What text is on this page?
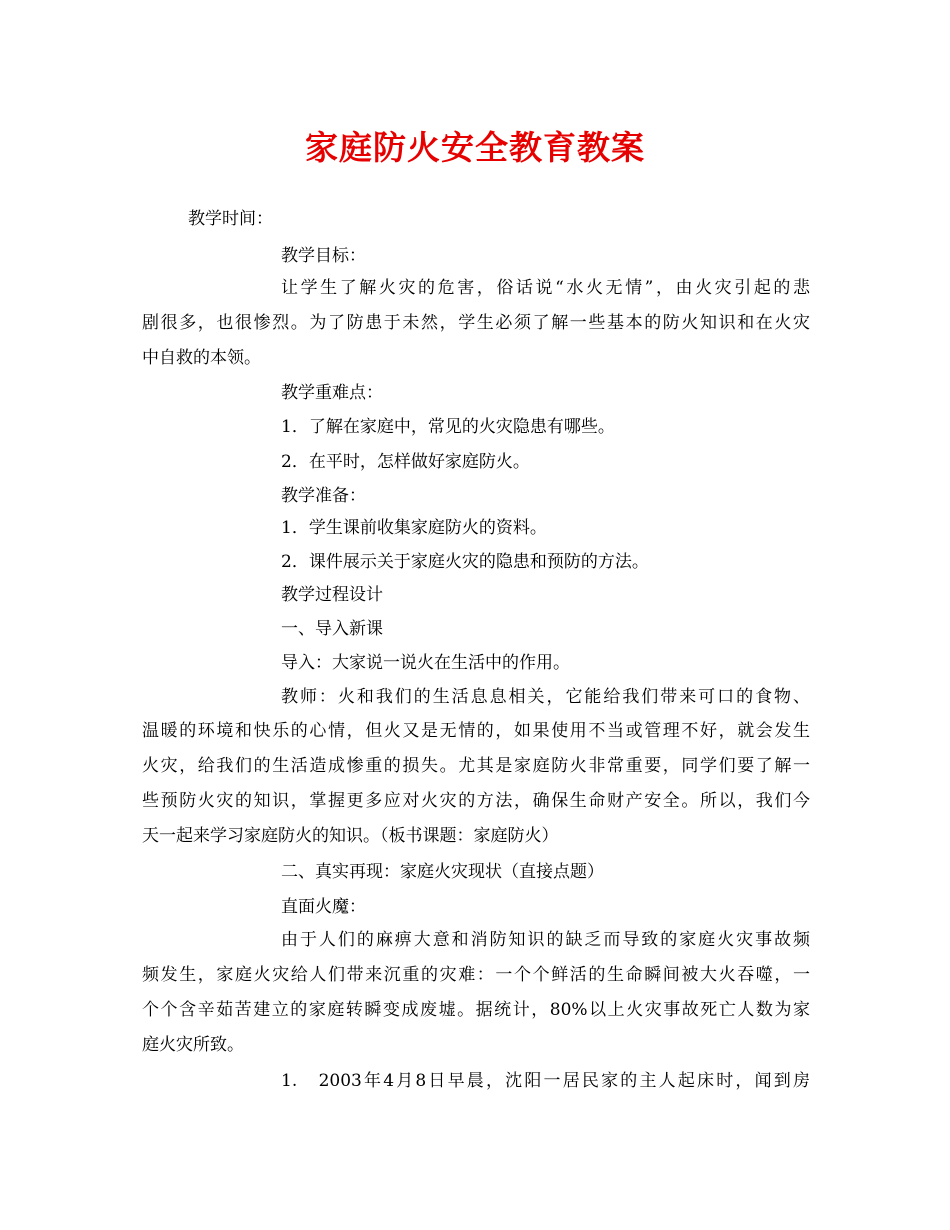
家庭防火安全教育教案
教学时间：
教学目标：
让学生了解火灾的危害，俗话说“水火无情”，由火灾引起的悲
剧很多，也很惨烈。为了防患于未然，学生必须了解一些基本的防火知识和在火灾
中自救的本领。
教学重难点：
1．了解在家庭中，常见的火灾隐患有哪些。
2．在平时，怎样做好家庭防火。
教学准备：
1．学生课前收集家庭防火的资料。
2．课件展示关于家庭火灾的隐患和预防的方法。
教学过程设计
一、导入新课
导入：大家说一说火在生活中的作用。
教师：火和我们的生活息息相关，它能给我们带来可口的食物、
温暖的环境和快乐的心情，但火又是无情的，如果使用不当或管理不好，就会发生
火灾，给我们的生活造成惨重的损失。尤其是家庭防火非常重要，同学们要了解一
些预防火灾的知识，掌握更多应对火灾的方法，确保生命财产安全。所以，我们今
天一起来学习家庭防火的知识。（板书课题：家庭防火）
二、真实再现：家庭火灾现状（直接点题）
直面火魔：
由于人们的麻痹大意和消防知识的缺乏而导致的家庭火灾事故频
频发生，家庭火灾给人们带来沉重的灾难：一个个鲜活的生命瞬间被大火吞噬，一
个个含辛茹苦建立的家庭转瞬变成废墟。据统计，80%以上火灾事故死亡人数为家
庭火灾所致。
1.　2003年4月8日早晨，沈阳一居民家的主人起床时，闻到房
